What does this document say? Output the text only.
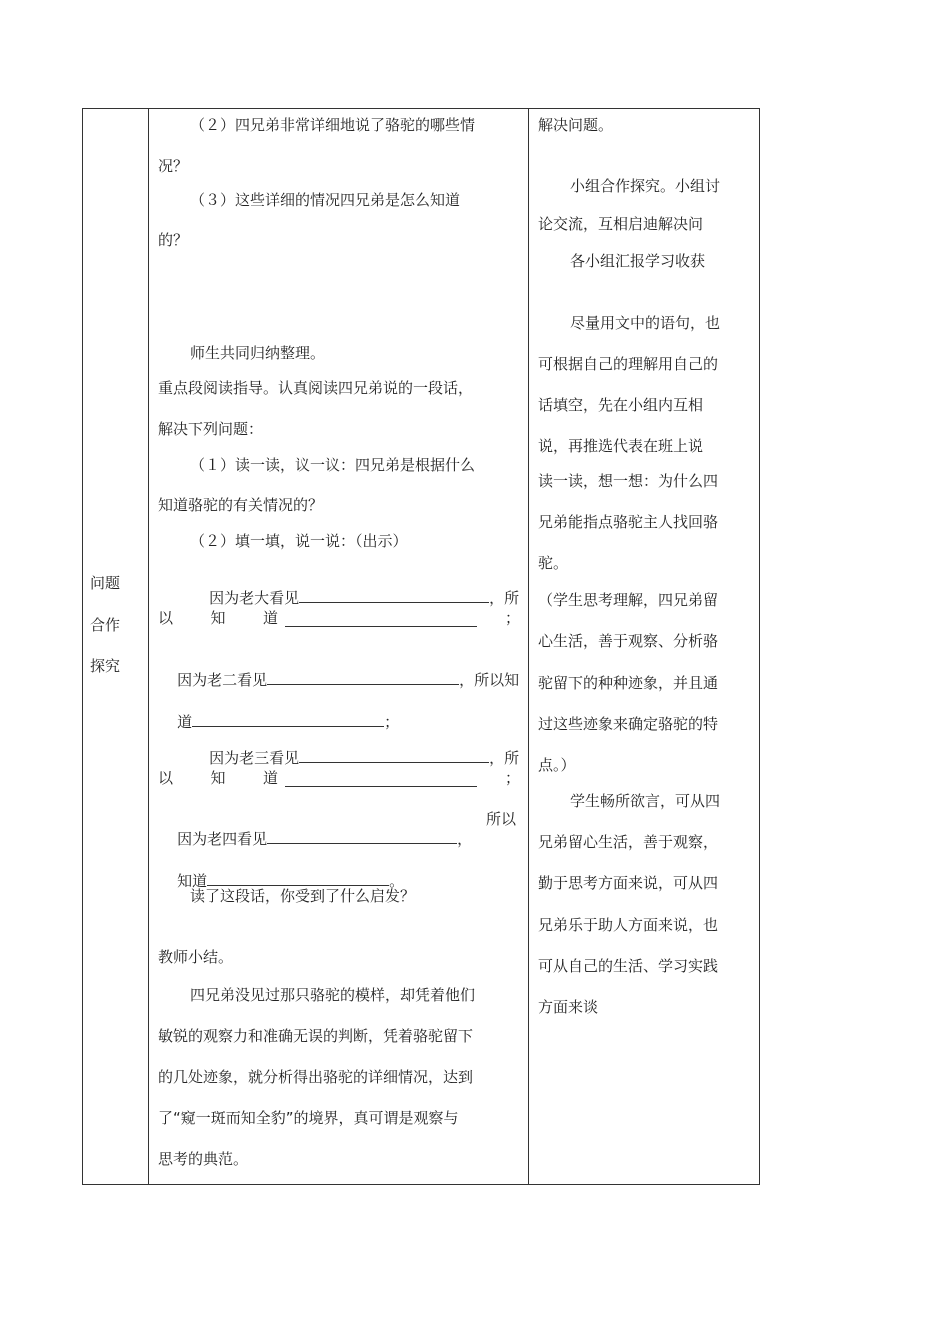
问题
合作
探究
（２）四兄弟非常详细地说了骆驼的哪些情
况？
（３）这些详细的情况四兄弟是怎么知道
的？
师生共同归纳整理。
重点段阅读指导。认真阅读四兄弟说的一段话，
解决下列问题：
（１）读一读，议一议：四兄弟是根据什么
知道骆驼的有关情况的？
（２）填一填，说一说：（出示）

因为老大看见	，所

以 知 道	；

因为老二看见	，所以知

道	；

因为老三看见	，所

以 知 道	；

因为老四看见	，

所以

知道	。

读了这段话，你受到了什么启发？
教师小结。
四兄弟没见过那只骆驼的模样，却凭着他们
敏锐的观察力和准确无误的判断，凭着骆驼留下
的几处迹象，就分析得出骆驼的详细情况，达到
了“窥一斑而知全豹”的境界，真可谓是观察与
思考的典范。
解决问题。
小组合作探究。小组讨
论交流，互相启迪解决问
各小组汇报学习收获
尽量用文中的语句，也
可根据自己的理解用自己的
话填空，先在小组内互相
说，再推选代表在班上说
读一读，想一想：为什么四
兄弟能指点骆驼主人找回骆
驼。
（学生思考理解，四兄弟留
心生活，善于观察、分析骆
驼留下的种种迹象，并且通
过这些迹象来确定骆驼的特
点。）
学生畅所欲言，可从四
兄弟留心生活，善于观察，
勤于思考方面来说，可从四
兄弟乐于助人方面来说，也
可从自己的生活、学习实践
方面来谈
